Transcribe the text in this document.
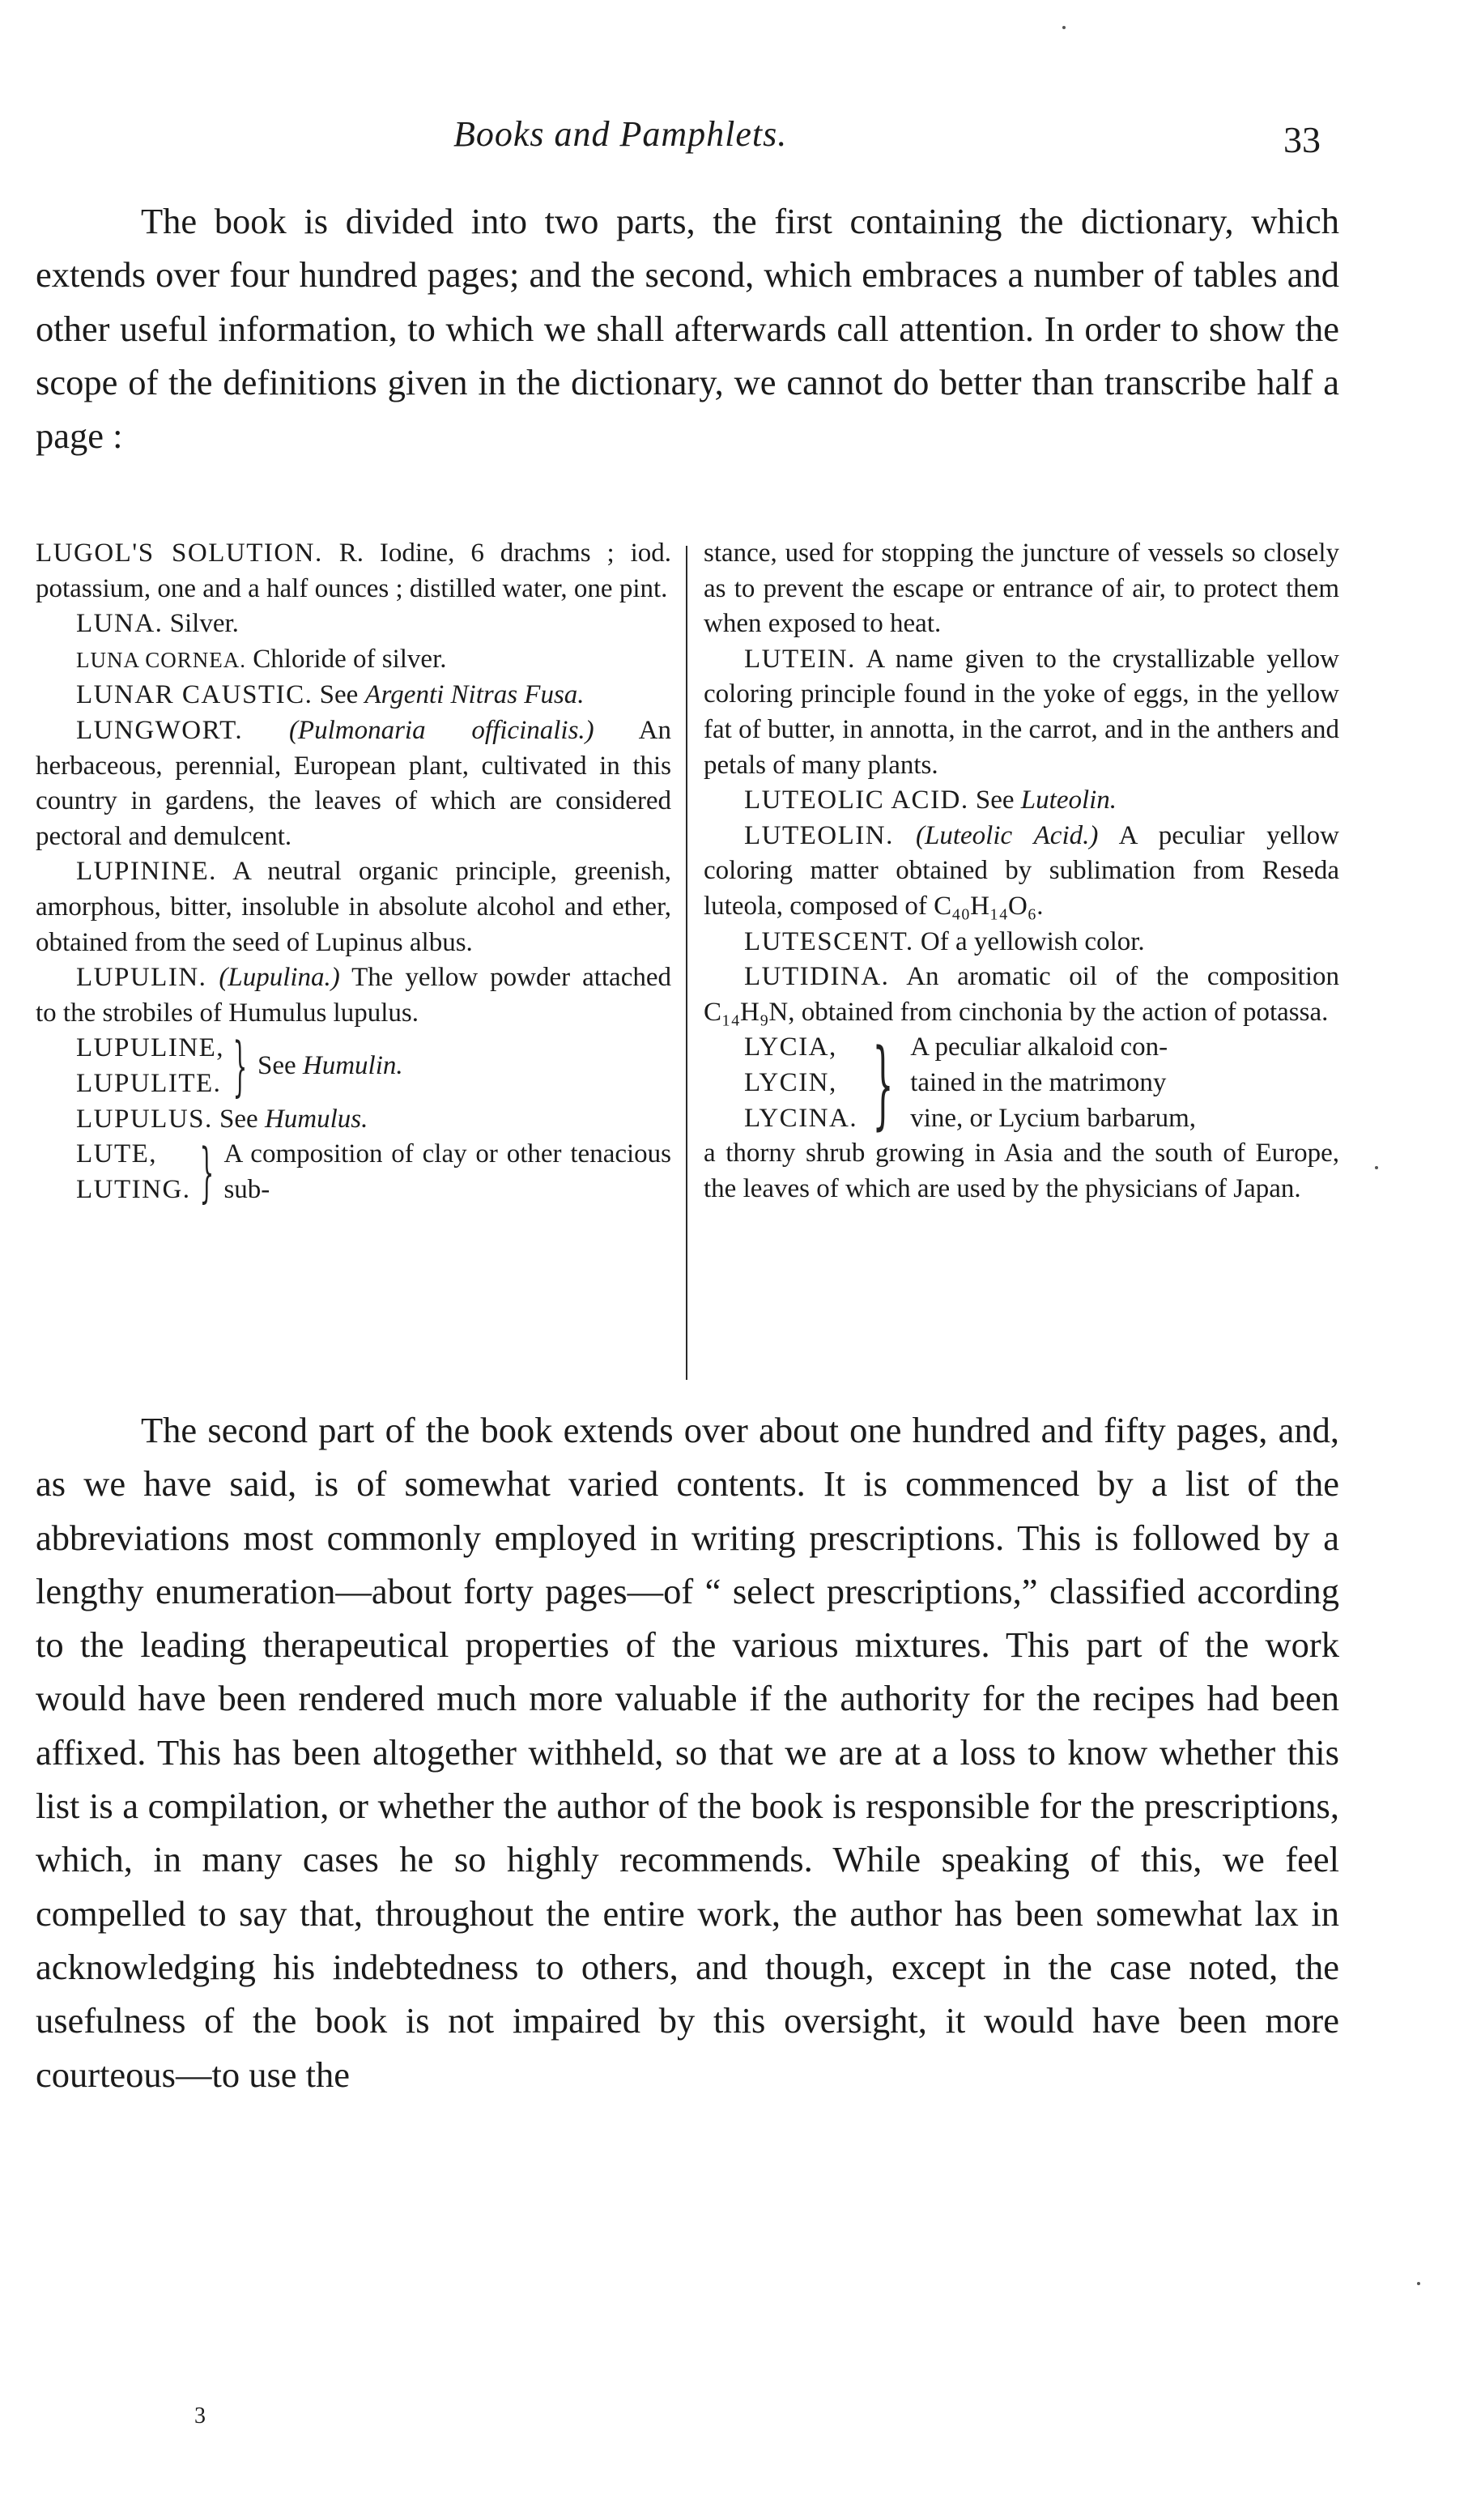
Books and Pamphlets.	33

The book is divided into two parts, the first containing the dictionary, which extends over four hundred pages; and the second, which embraces a number of tables and other useful information, to which we shall afterwards call attention. In order to show the scope of the definitions given in the dictionary, we cannot do better than transcribe half a page :

LUGOL'S SOLUTION. R. Iodine, 6 drachms ; iod. potassium, one and a half ounces ; distilled water, one pint.

LUNA. Silver.

LUNA CORNEA. Chloride of silver.

LUNAR CAUSTIC. See Argenti Nitras Fusa.

LUNGWORT. (Pulmonaria officinalis.) An herbaceous, perennial, European plant, cultivated in this country in gardens, the leaves of which are considered pectoral and demulcent.

LUPININE. A neutral organic principle, greenish, amorphous, bitter, insoluble in absolute alcohol and ether, obtained from the seed of Lupinus albus.

LUPULIN. (Lupulina.) The yellow powder attached to the strobiles of Humulus lupulus.

LUPULINE,
LUPULITE. } See Humulin.

LUPULUS. See Humulus.

LUTE,
LUTING. } A composition of clay or other tenacious sub-

stance, used for stopping the juncture of vessels so closely as to prevent the escape or entrance of air, to protect them when exposed to heat.

LUTEIN. A name given to the crystallizable yellow coloring principle found in the yoke of eggs, in the yellow fat of butter, in annotta, in the carrot, and in the anthers and petals of many plants.

LUTEOLIC ACID. See Luteolin.

LUTEOLIN. (Luteolic Acid.) A peculiar yellow coloring matter obtained by sublimation from Reseda luteola, composed of C₄₀H₁₄O₆.

LUTESCENT. Of a yellowish color.

LUTIDINA. An aromatic oil of the composition C₁₄H₉N, obtained from cinchonia by the action of potassa.

LYCIA,
LYCIN,
LYCINA. } A peculiar alkaloid con-
tained in the matrimony
vine, or Lycium barbarum,

a thorny shrub growing in Asia and the south of Europe, the leaves of which are used by the physicians of Japan.

The second part of the book extends over about one hundred and fifty pages, and, as we have said, is of somewhat varied contents. It is commenced by a list of the abbreviations most commonly employed in writing prescriptions. This is followed by a lengthy enumeration—about forty pages—of “ select prescriptions,” classified according to the leading therapeutical properties of the various mixtures. This part of the work would have been rendered much more valuable if the authority for the recipes had been affixed. This has been altogether withheld, so that we are at a loss to know whether this list is a compilation, or whether the author of the book is responsible for the prescriptions, which, in many cases he so highly recommends. While speaking of this, we feel compelled to say that, throughout the entire work, the author has been somewhat lax in acknowledging his indebtedness to others, and though, except in the case noted, the usefulness of the book is not impaired by this oversight, it would have been more courteous—to use the

3
